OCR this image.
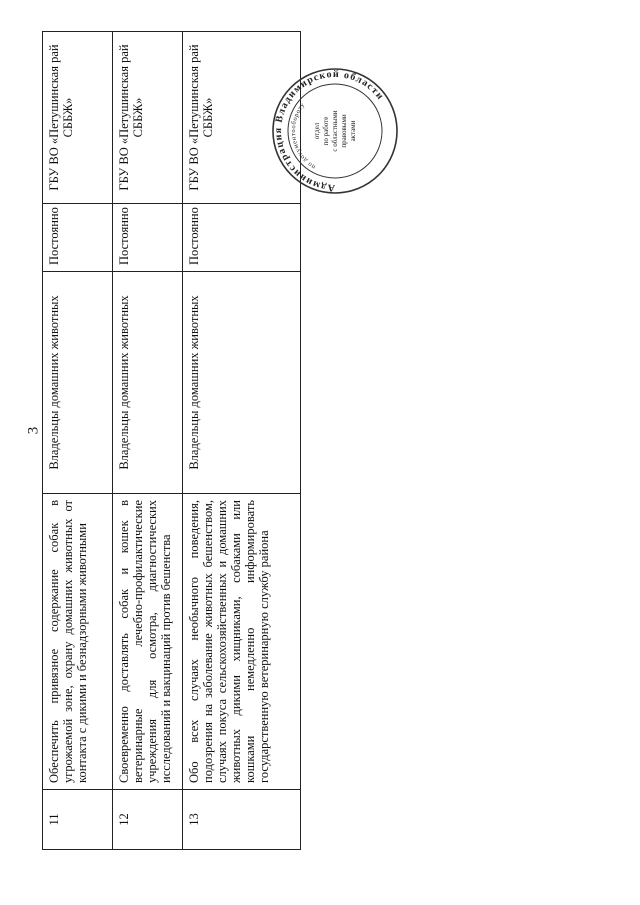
3
11	Обеспечить привязное содержание собак в угрожаемой зоне, охрану домашних животных от контакта с дикими и безнадзорными животными	Владельцы домашних животных	Постоянно	ГБУ ВО «Петушинская рай СББЖ»
12	Своевременно доставлять собак и кошек в ветеринарные лечебно-профилактические учреждения для осмотра, диагностических исследований и вакцинаций против бешенства	Владельцы домашних животных	Постоянно	ГБУ ВО «Петушинская рай СББЖ»
13	Обо всех случаях необычного поведения, подозрения на заболевание животных бешенством, случаях покуса сельскохозяйственных и домашних животных дикими хищниками, собаками или кошками немедленно информировать государственную ветеринарную службу района	Владельцы домашних животных	Постоянно	ГБУ ВО «Петушинская рай СББЖ»
Администрация Владимирской области
по документообороту
отдел по работе с областными правовыми актами
